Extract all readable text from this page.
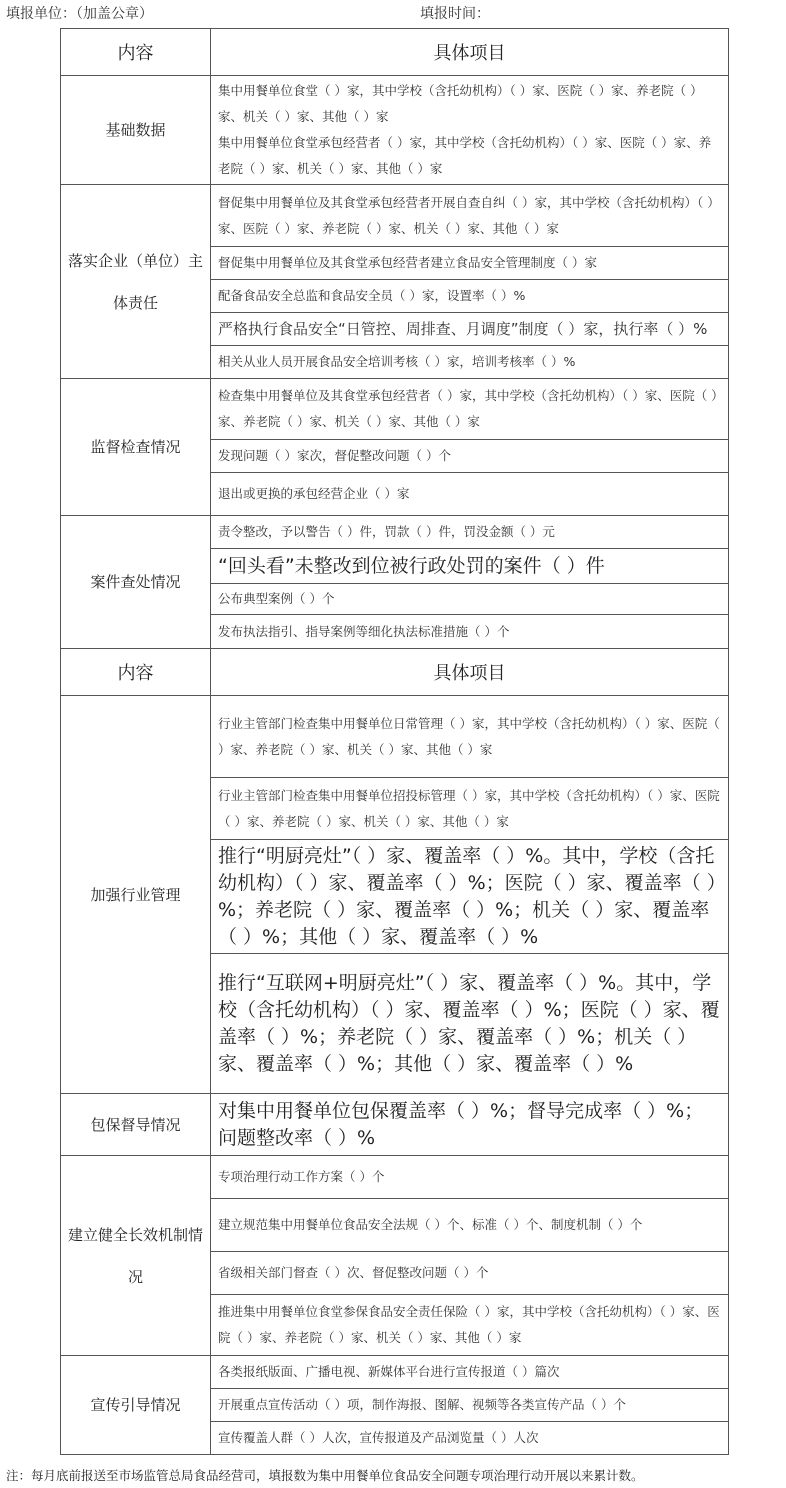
填报单位：（加盖公章）	填报时间：
内容	具体项目
基础数据	集中用餐单位食堂（ ）家，其中学校（含托幼机构）（ ）家、医院（ ）家、养老院（ ）家、机关（ ）家、其他（ ）家
集中用餐单位食堂承包经营者（ ）家，其中学校（含托幼机构）（ ）家、医院（ ）家、养老院（ ）家、机关（ ）家、其他（ ）家

落实企业（单位）主体责任	督促集中用餐单位及其食堂承包经营者开展自查自纠（ ）家，其中学校（含托幼机构）（ ）家、医院（ ）家、养老院（ ）家、机关（ ）家、其他（ ）家
	督促集中用餐单位及其食堂承包经营者建立食品安全管理制度（ ）家
	配备食品安全总监和食品安全员（ ）家，设置率（ ）%
	严格执行食品安全“日管控、周排查、月调度”制度（ ）家，执行率（ ）%
	相关从业人员开展食品安全培训考核（ ）家，培训考核率（ ）%
监督检查情况	检查集中用餐单位及其食堂承包经营者（ ）家，其中学校（含托幼机构）（ ）家、医院（ ）家、养老院（ ）家、机关（ ）家、其他（ ）家
	发现问题（ ）家次，督促整改问题（ ）个
	退出或更换的承包经营企业（ ）家
案件查处情况	责令整改，予以警告（ ）件，罚款（ ）件，罚没金额（ ）元
	“回头看”未整改到位被行政处罚的案件（ ）件
	公布典型案例（ ）个
	发布执法指引、指导案例等细化执法标准措施（ ）个
内容	具体项目
加强行业管理	行业主管部门检查集中用餐单位日常管理（ ）家，其中学校（含托幼机构）（ ）家、医院（ ）家、养老院（ ）家、机关（ ）家、其他（ ）家
	行业主管部门检查集中用餐单位招投标管理（ ）家，其中学校（含托幼机构）（ ）家、医院（ ）家、养老院（ ）家、机关（ ）家、其他（ ）家
	推行“明厨亮灶”（ ）家、覆盖率（ ）%。其中，学校（含托幼机构）（ ）家、覆盖率（ ）%；医院（ ）家、覆盖率（ ）%；养老院（ ）家、覆盖率（ ）%；机关（ ）家、覆盖率（ ）%；其他（ ）家、覆盖率（ ）%
	推行“互联网+明厨亮灶”（ ）家、覆盖率（ ）%。其中，学校（含托幼机构）（ ）家、覆盖率（ ）%；医院（ ）家、覆盖率（ ）%；养老院（ ）家、覆盖率（ ）%；机关（ ）家、覆盖率（ ）%；其他（ ）家、覆盖率（ ）%
包保督导情况	对集中用餐单位包保覆盖率（ ）%；督导完成率（ ）%；问题整改率（ ）%
建立健全长效机制情况	专项治理行动工作方案（ ）个
	建立规范集中用餐单位食品安全法规（ ）个、标准（ ）个、制度机制（ ）个
	省级相关部门督查（ ）次、督促整改问题（ ）个
	推进集中用餐单位食堂参保食品安全责任保险（ ）家，其中学校（含托幼机构）（ ）家、医院（ ）家、养老院（ ）家、机关（ ）家、其他（ ）家
宣传引导情况	各类报纸版面、广播电视、新媒体平台进行宣传报道（ ）篇次
	开展重点宣传活动（ ）项，制作海报、图解、视频等各类宣传产品（ ）个
	宣传覆盖人群（ ）人次，宣传报道及产品浏览量（ ）人次
注：每月底前报送至市场监管总局食品经营司，填报数为集中用餐单位食品安全问题专项治理行动开展以来累计数。
